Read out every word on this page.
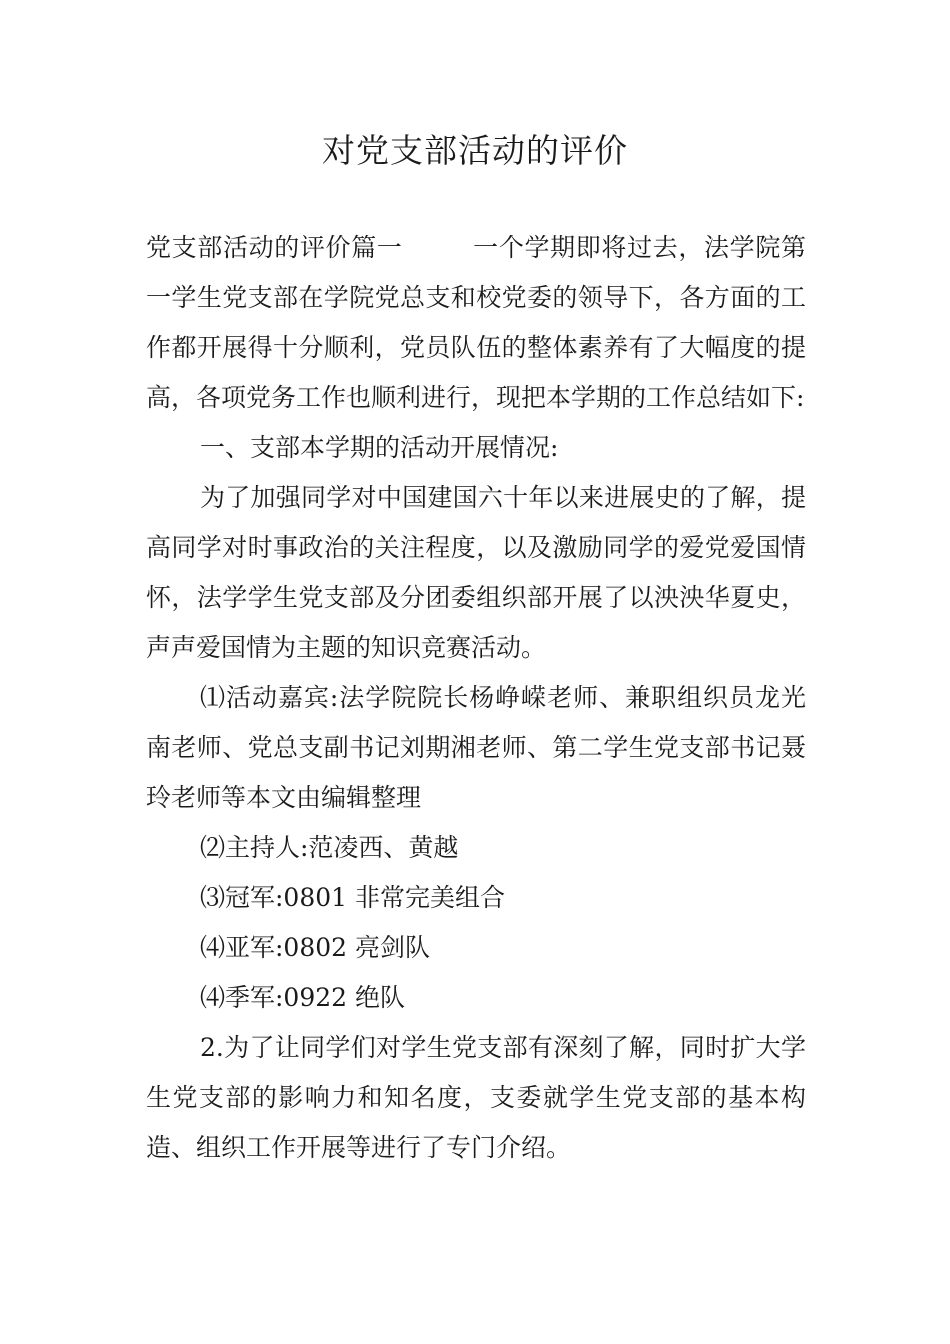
对党支部活动的评价

党支部活动的评价篇一	一个学期即将过去，法学院第一学生党支部在学院党总支和校党委的领导下，各方面的工作都开展得十分顺利，党员队伍的整体素养有了大幅度的提高，各项党务工作也顺利进行，现把本学期的工作总结如下:

一、支部本学期的活动开展情况:

为了加强同学对中国建国六十年以来进展史的了解，提高同学对时事政治的关注程度，以及激励同学的爱党爱国情怀，法学学生党支部及分团委组织部开展了以泱泱华夏史，声声爱国情为主题的知识竞赛活动。

⑴活动嘉宾:法学院院长杨峥嵘老师、兼职组织员龙光南老师、党总支副书记刘期湘老师、第二学生党支部书记聂玲老师等本文由编辑整理

⑵主持人:范凌西、黄越

⑶冠军:0801 非常完美组合

⑷亚军:0802 亮剑队

⑷季军:0922 绝队

2.为了让同学们对学生党支部有深刻了解，同时扩大学生党支部的影响力和知名度，支委就学生党支部的基本构造、组织工作开展等进行了专门介绍。
